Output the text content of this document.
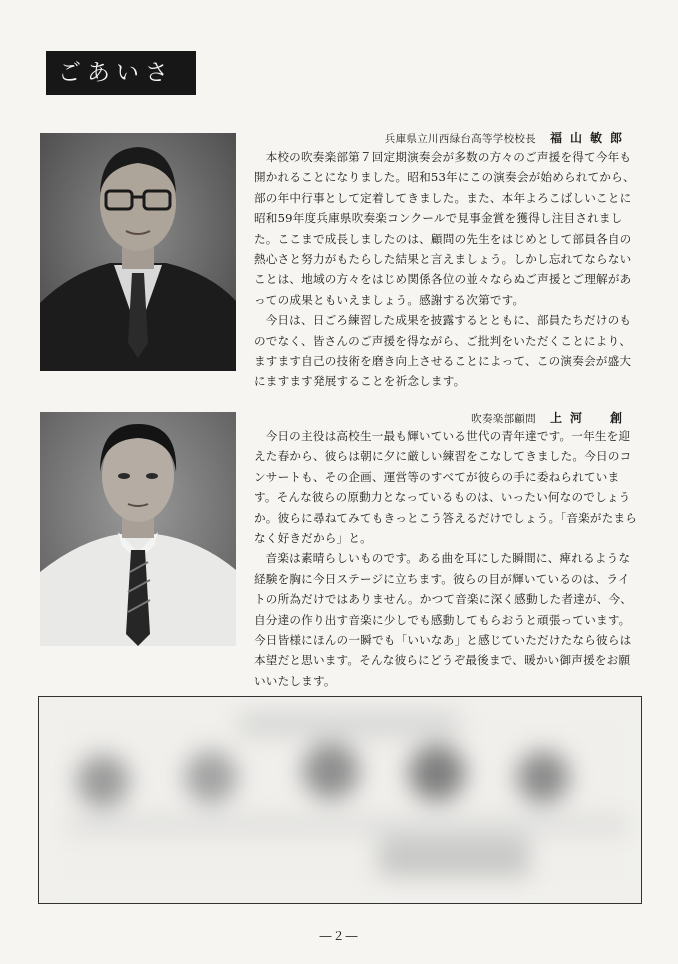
ごあいさつ

兵庫県立川西緑台高等学校校長 福山敏郎

本校の吹奏楽部第７回定期演奏会が多数の方々のご声援を得て今年も開かれることになりました。昭和53年にこの演奏会が始められてから、部の年中行事として定着してきました。また、本年よろこばしいことに昭和59年度兵庫県吹奏楽コンクールで見事金賞を獲得し注目されました。ここまで成長しましたのは、顧問の先生をはじめとして部員各自の熱心さと努力がもたらした結果と言えましょう。しかし忘れてならないことは、地域の方々をはじめ関係各位の並々ならぬご声援とご理解があっての成果ともいえましょう。感謝する次第です。

今日は、日ごろ練習した成果を披露するとともに、部員たちだけのものでなく、皆さんのご声援を得ながら、ご批判をいただくことにより、ますます自己の技術を磨き向上させることによって、この演奏会が盛大にますます発展することを祈念します。

吹奏楽部顧問 上河　創

今日の主役は高校生一最も輝いている世代の青年達です。一年生を迎えた春から、彼らは朝に夕に厳しい練習をこなしてきました。今日のコンサートも、その企画、運営等のすべてが彼らの手に委ねられています。そんな彼らの原動力となっているものは、いったい何なのでしょうか。彼らに尋ねてみてもきっとこう答えるだけでしょう。「音楽がたまらなく好きだから」と。

音楽は素晴らしいものです。ある曲を耳にした瞬間に、痺れるような経験を胸に今日ステージに立ちます。彼らの目が輝いているのは、ライトの所為だけではありません。かつて音楽に深く感動した者達が、今、自分達の作り出す音楽に少しでも感動してもらおうと頑張っています。今日皆様にほんの一瞬でも「いいなあ」と感じていただけたなら彼らは本望だと思います。そんな彼らにどうぞ最後まで、暖かい御声援をお願いいたします。

―２―
